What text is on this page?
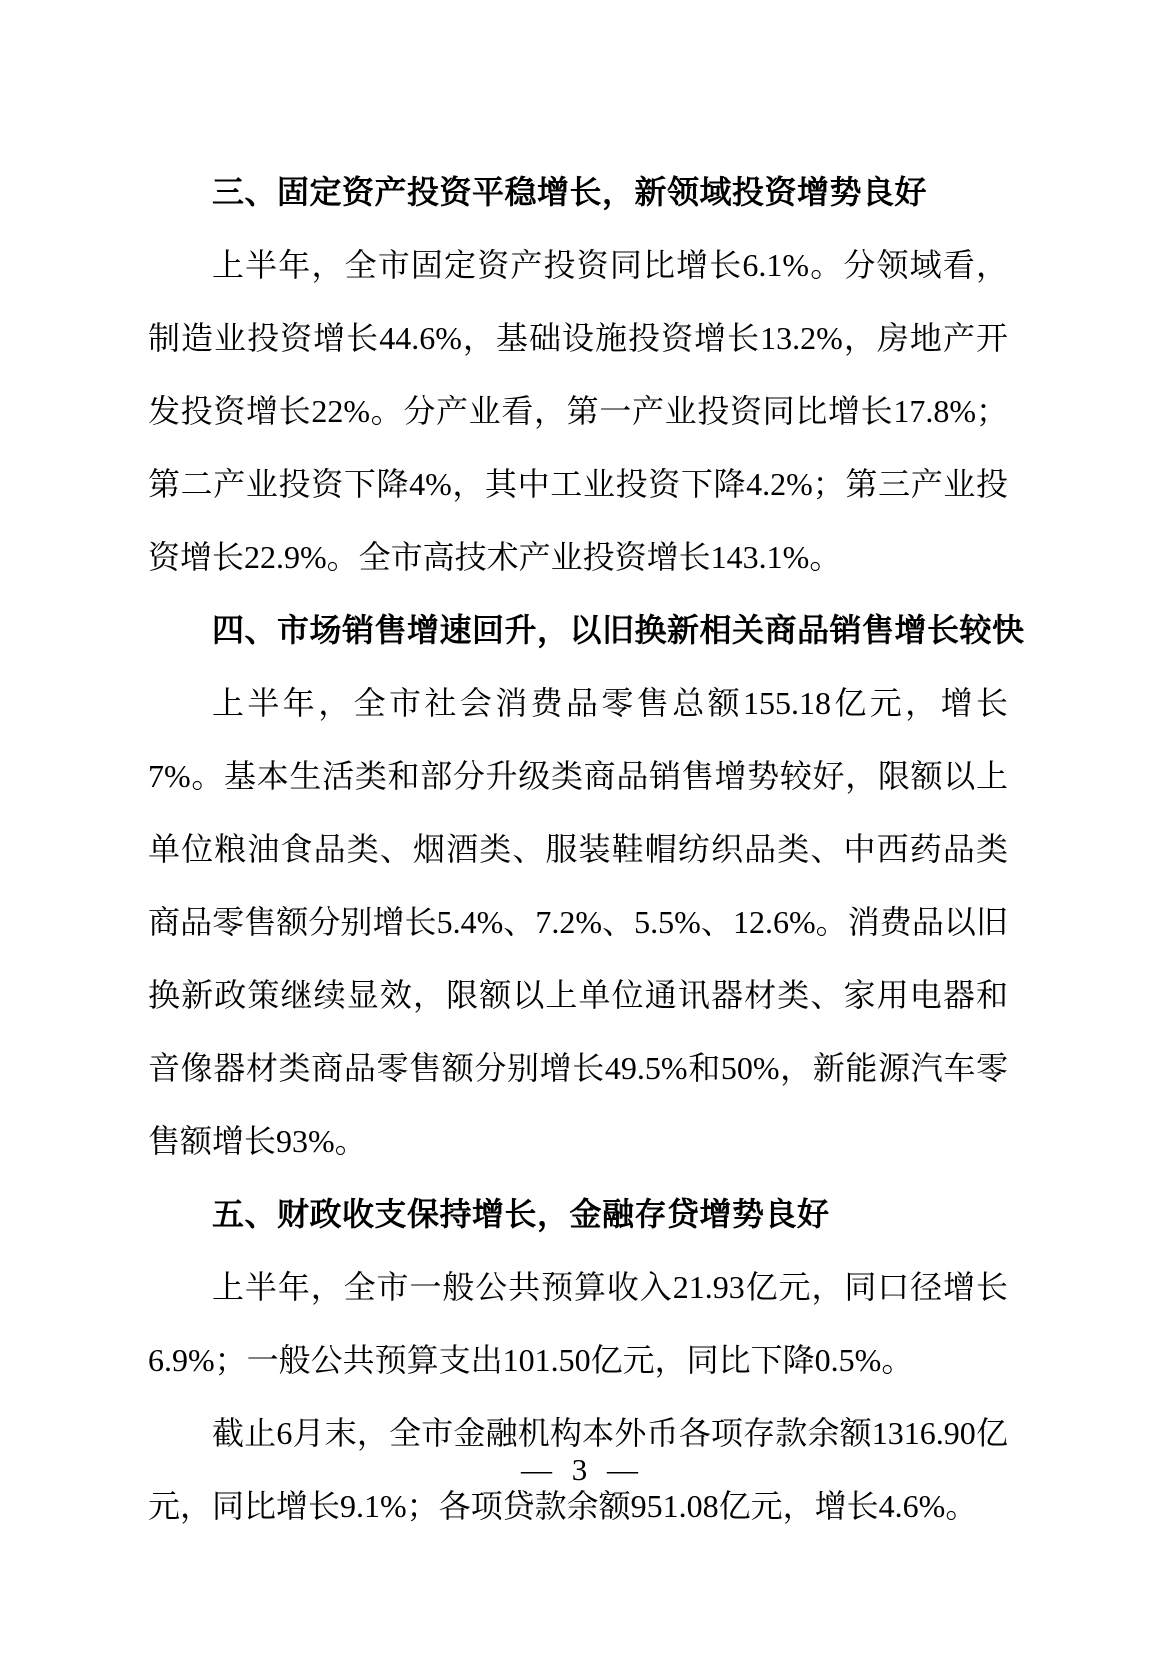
三、固定资产投资平稳增长，新领域投资增势良好

上半年，全市固定资产投资同比增长6.1%。分领域看，制造业投资增长44.6%，基础设施投资增长13.2%，房地产开发投资增长22%。分产业看，第一产业投资同比增长17.8%；第二产业投资下降4%，其中工业投资下降4.2%；第三产业投资增长22.9%。全市高技术产业投资增长143.1%。

四、市场销售增速回升，以旧换新相关商品销售增长较快

上半年，全市社会消费品零售总额155.18亿元，增长7%。基本生活类和部分升级类商品销售增势较好，限额以上单位粮油食品类、烟酒类、服装鞋帽纺织品类、中西药品类商品零售额分别增长5.4%、7.2%、5.5%、12.6%。消费品以旧换新政策继续显效，限额以上单位通讯器材类、家用电器和音像器材类商品零售额分别增长49.5%和50%，新能源汽车零售额增长93%。

五、财政收支保持增长，金融存贷增势良好

上半年，全市一般公共预算收入21.93亿元，同口径增长6.9%；一般公共预算支出101.50亿元，同比下降0.5%。

截止6月末，全市金融机构本外币各项存款余额1316.90亿元，同比增长9.1%；各项贷款余额951.08亿元，增长4.6%。

— 3 —
